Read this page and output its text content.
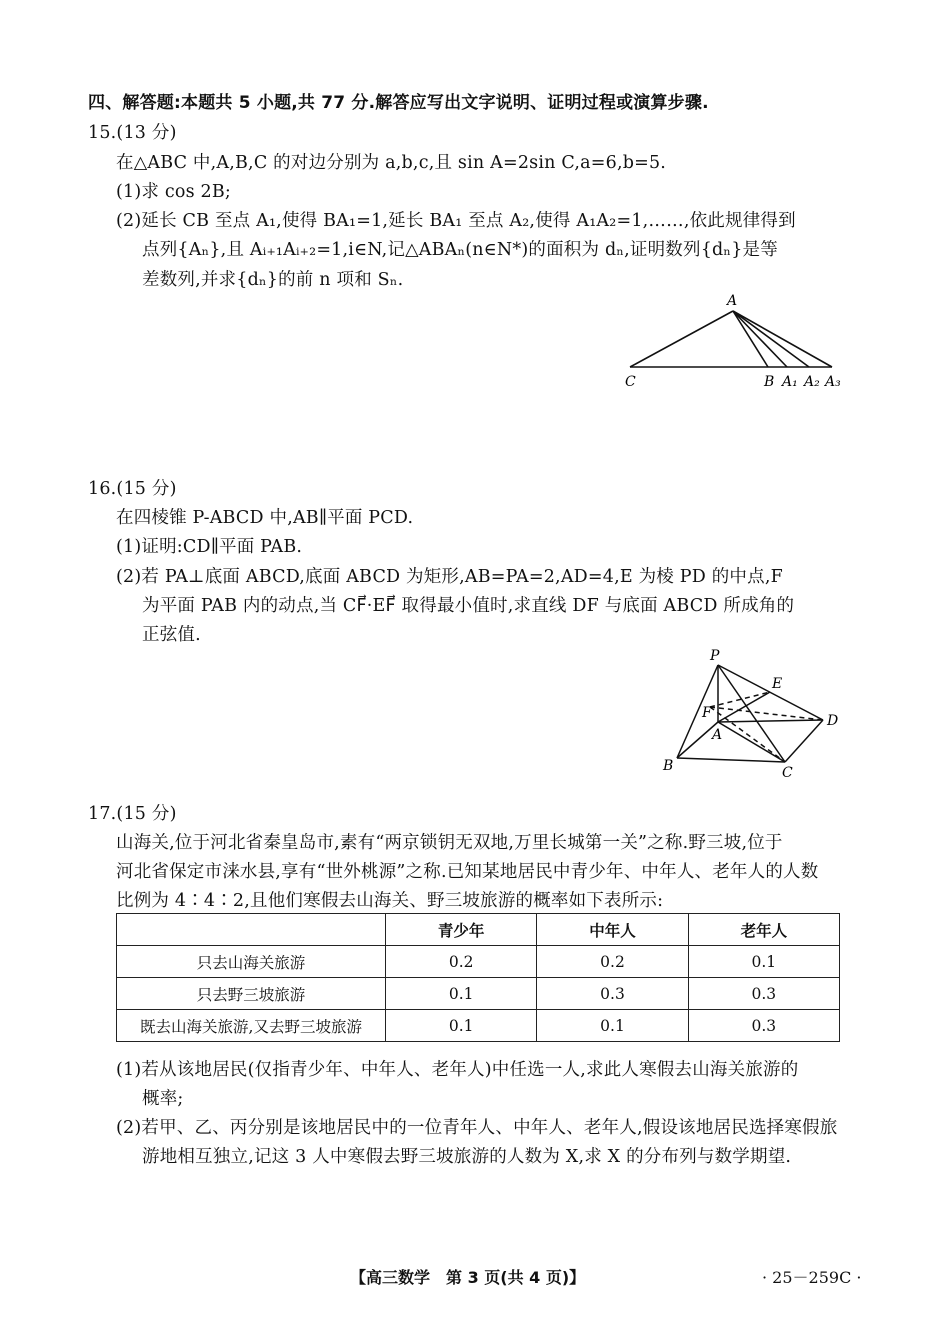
四、解答题:本题共 5 小题,共 77 分.解答应写出文字说明、证明过程或演算步骤.
15.(13 分)
在△ABC 中,A,B,C 的对边分别为 a,b,c,且 sin A=2sin C,a=6,b=5.
(1)求 cos 2B;
(2)延长 CB 至点 A₁,使得 BA₁=1,延长 BA₁ 至点 A₂,使得 A₁A₂=1,……,依此规律得到
点列{Aₙ},且 Aᵢ₊₁Aᵢ₊₂=1,i∈N,记△ABAₙ(n∈N*)的面积为 dₙ,证明数列{dₙ}是等
差数列,并求{dₙ}的前 n 项和 Sₙ.
A
C	B A₁ A₂ A₃
16.(15 分)
在四棱锥 P-ABCD 中,AB∥平面 PCD.
(1)证明:CD∥平面 PAB.
(2)若 PA⊥底面 ABCD,底面 ABCD 为矩形,AB=PA=2,AD=4,E 为棱 PD 的中点,F
为平面 PAB 内的动点,当 CF⃗·EF⃗ 取得最小值时,求直线 DF 与底面 ABCD 所成角的
正弦值.
P
E
F
A
D
B	C
17.(15 分)
山海关,位于河北省秦皇岛市,素有“两京锁钥无双地,万里长城第一关”之称.野三坡,位于
河北省保定市涞水县,享有“世外桃源”之称.已知某地居民中青少年、中年人、老年人的人数
比例为 4∶4∶2,且他们寒假去山海关、野三坡旅游的概率如下表所示:
	青少年	中年人	老年人
只去山海关旅游	0.2	0.2	0.1
只去野三坡旅游	0.1	0.3	0.3
既去山海关旅游,又去野三坡旅游	0.1	0.1	0.3
(1)若从该地居民(仅指青少年、中年人、老年人)中任选一人,求此人寒假去山海关旅游的
概率;
(2)若甲、乙、丙分别是该地居民中的一位青年人、中年人、老年人,假设该地居民选择寒假旅
游地相互独立,记这 3 人中寒假去野三坡旅游的人数为 X,求 X 的分布列与数学期望.
【高三数学　第 3 页(共 4 页)】	· 25－259C ·
